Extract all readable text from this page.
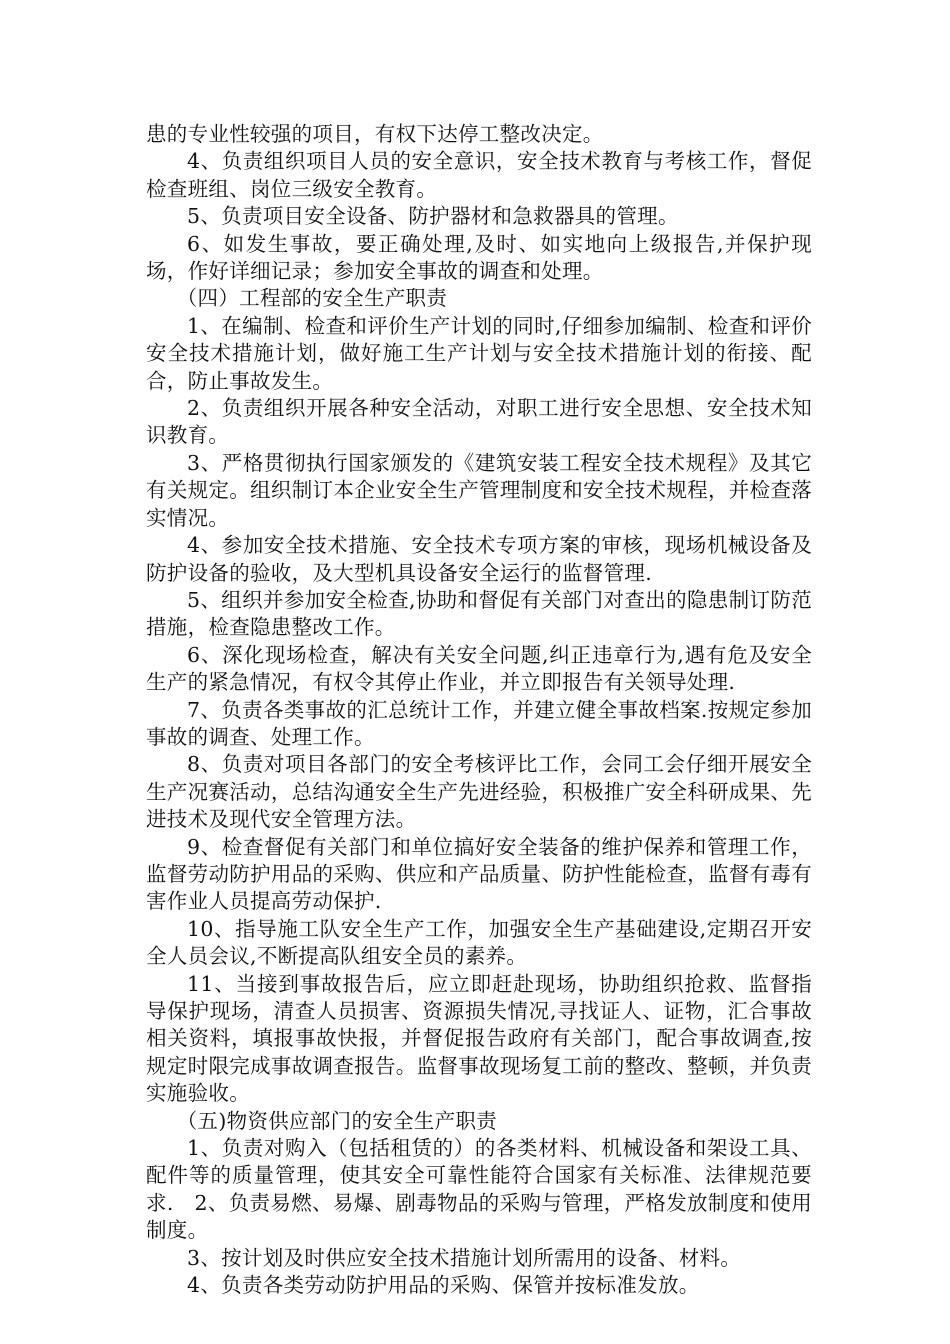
患的专业性较强的项目，有权下达停工整改决定。

4、负责组织项目人员的安全意识，安全技术教育与考核工作，督促检查班组、岗位三级安全教育。

5、负责项目安全设备、防护器材和急救器具的管理。

6、如发生事故，要正确处理,及时、如实地向上级报告,并保护现场，作好详细记录；参加安全事故的调查和处理。

（四）工程部的安全生产职责

1、在编制、检查和评价生产计划的同时,仔细参加编制、检查和评价安全技术措施计划，做好施工生产计划与安全技术措施计划的衔接、配合，防止事故发生。

2、负责组织开展各种安全活动，对职工进行安全思想、安全技术知识教育。

3、严格贯彻执行国家颁发的《建筑安装工程安全技术规程》及其它有关规定。组织制订本企业安全生产管理制度和安全技术规程，并检查落实情况。

4、参加安全技术措施、安全技术专项方案的审核，现场机械设备及防护设备的验收，及大型机具设备安全运行的监督管理.

5、组织并参加安全检查,协助和督促有关部门对查出的隐患制订防范措施，检查隐患整改工作。

6、深化现场检查，解决有关安全问题,纠正违章行为,遇有危及安全生产的紧急情况，有权令其停止作业，并立即报告有关领导处理.

7、负责各类事故的汇总统计工作，并建立健全事故档案.按规定参加事故的调查、处理工作。

8、负责对项目各部门的安全考核评比工作，会同工会仔细开展安全生产况赛活动，总结沟通安全生产先进经验，积极推广安全科研成果、先进技术及现代安全管理方法。

9、检查督促有关部门和单位搞好安全装备的维护保养和管理工作，监督劳动防护用品的采购、供应和产品质量、防护性能检查，监督有毒有害作业人员提高劳动保护.

10、指导施工队安全生产工作，加强安全生产基础建设,定期召开安全人员会议,不断提高队组安全员的素养。

11、当接到事故报告后，应立即赶赴现场，协助组织抢救、监督指导保护现场，清查人员损害、资源损失情况,寻找证人、证物，汇合事故相关资料，填报事故快报，并督促报告政府有关部门，配合事故调查,按规定时限完成事故调查报告。监督事故现场复工前的整改、整顿，并负责实施验收。

（五)物资供应部门的安全生产职责

1、负责对购入（包括租赁的）的各类材料、机械设备和架设工具、配件等的质量管理，使其安全可靠性能符合国家有关标准、法律规范要求.　2、负责易燃、易爆、剧毒物品的采购与管理，严格发放制度和使用制度。

3、按计划及时供应安全技术措施计划所需用的设备、材料。

4、负责各类劳动防护用品的采购、保管并按标准发放。
